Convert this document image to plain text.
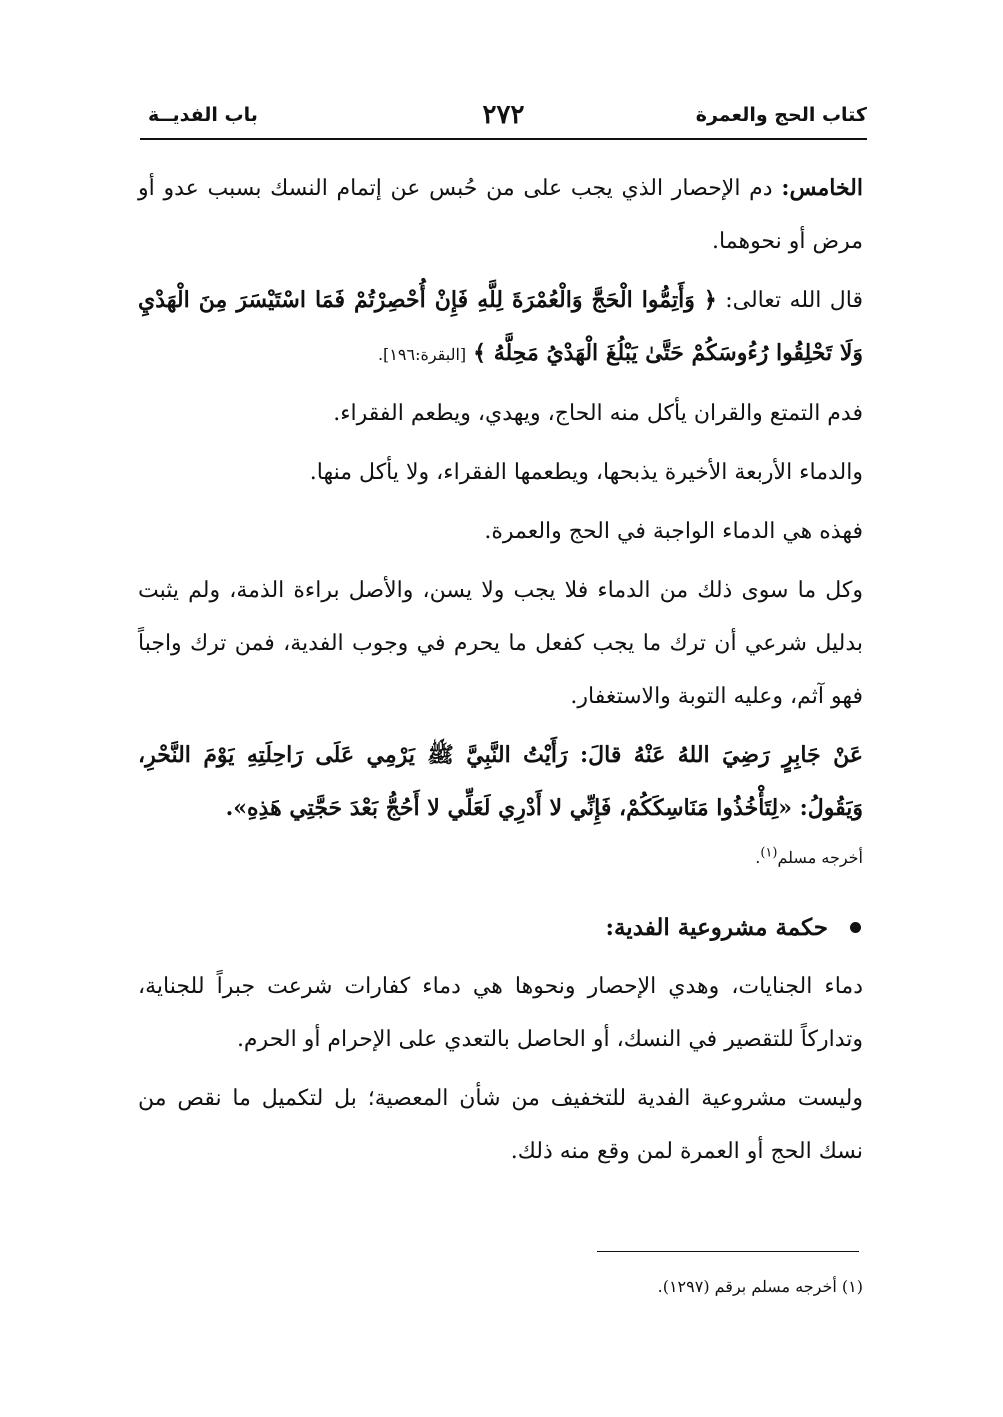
كتاب الحج والعمرة
٢٧٢
باب الفديــة

الخامس: دم الإحصار الذي يجب على من حُبس عن إتمام النسك بسبب عدو أو مرض أو نحوهما.

قال الله تعالى: ﴿ وَأَتِمُّوا الْحَجَّ وَالْعُمْرَةَ لِلَّهِ فَإِنْ أُحْصِرْتُمْ فَمَا اسْتَيْسَرَ مِنَ الْهَدْيِ وَلَا تَحْلِقُوا رُءُوسَكُمْ حَتَّىٰ يَبْلُغَ الْهَدْيُ مَحِلَّهُ ﴾ [البقرة:١٩٦].

فدم التمتع والقران يأكل منه الحاج، ويهدي، ويطعم الفقراء.

والدماء الأربعة الأخيرة يذبحها، ويطعمها الفقراء، ولا يأكل منها.

فهذه هي الدماء الواجبة في الحج والعمرة.

وكل ما سوى ذلك من الدماء فلا يجب ولا يسن، والأصل براءة الذمة، ولم يثبت بدليل شرعي أن ترك ما يجب كفعل ما يحرم في وجوب الفدية، فمن ترك واجباً فهو آثم، وعليه التوبة والاستغفار.

عَنْ جَابِرٍ رَضِيَ اللهُ عَنْهُ قالَ: رَأَيْتُ النَّبِيَّ ﷺ يَرْمِي عَلَى رَاحِلَتِهِ يَوْمَ النَّحْرِ، وَيَقُولُ: «لِتَأْخُذُوا مَنَاسِكَكُمْ، فَإِنِّي لا أَدْرِي لَعَلِّي لا أَحُجُّ بَعْدَ حَجَّتِي هَذِهِ».

أخرجه مسلم$^{(١)}$.

حكمة مشروعية الفدية:

دماء الجنايات، وهدي الإحصار ونحوها هي دماء كفارات شرعت جبراً للجناية، وتداركاً للتقصير في النسك، أو الحاصل بالتعدي على الإحرام أو الحرم.

وليست مشروعية الفدية للتخفيف من شأن المعصية؛ بل لتكميل ما نقص من نسك الحج أو العمرة لمن وقع منه ذلك.

(١) أخرجه مسلم برقم (١٢٩٧).
